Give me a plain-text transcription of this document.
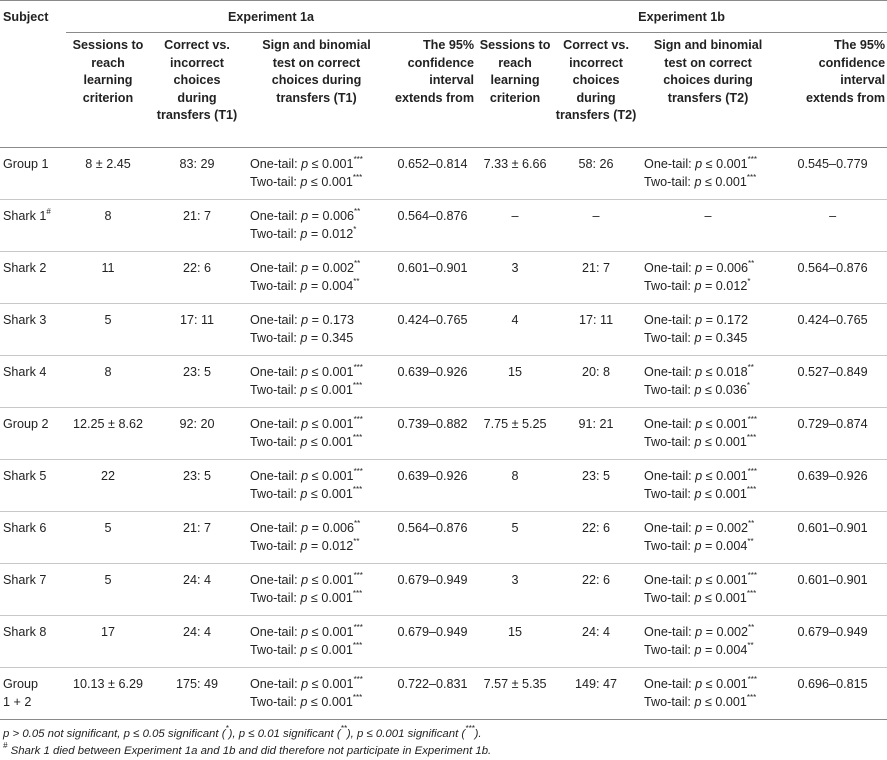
Subject	Experiment 1a				Experiment 1b			
	Sessions to
reach
learning
criterion	Correct vs.
incorrect
choices
during
transfers (T1)	Sign and binomial
test on correct
choices during
transfers (T1)	The 95%
confidence
interval
extends from	Sessions to
reach
learning
criterion	Correct vs.
incorrect
choices
during
transfers (T2)	Sign and binomial
test on correct
choices during
transfers (T2)	The 95%
confidence
interval
extends from
Group 1	8 ± 2.45	83: 29	One-tail: p ≤ 0.001***
Two-tail: p ≤ 0.001***	0.652–0.814	7.33 ± 6.66	58: 26	One-tail: p ≤ 0.001***
Two-tail: p ≤ 0.001***	0.545–0.779
Shark 1#	8	21: 7	One-tail: p = 0.006**
Two-tail: p = 0.012*	0.564–0.876	–	–	–	–
Shark 2	11	22: 6	One-tail: p = 0.002**
Two-tail: p = 0.004**	0.601–0.901	3	21: 7	One-tail: p = 0.006**
Two-tail: p = 0.012*	0.564–0.876
Shark 3	5	17: 11	One-tail: p = 0.173
Two-tail: p = 0.345	0.424–0.765	4	17: 11	One-tail: p = 0.172
Two-tail: p = 0.345	0.424–0.765
Shark 4	8	23: 5	One-tail: p ≤ 0.001***
Two-tail: p ≤ 0.001***	0.639–0.926	15	20: 8	One-tail: p ≤ 0.018**
Two-tail: p ≤ 0.036*	0.527–0.849
Group 2	12.25 ± 8.62	92: 20	One-tail: p ≤ 0.001***
Two-tail: p ≤ 0.001***	0.739–0.882	7.75 ± 5.25	91: 21	One-tail: p ≤ 0.001***
Two-tail: p ≤ 0.001***	0.729–0.874
Shark 5	22	23: 5	One-tail: p ≤ 0.001***
Two-tail: p ≤ 0.001***	0.639–0.926	8	23: 5	One-tail: p ≤ 0.001***
Two-tail: p ≤ 0.001***	0.639–0.926
Shark 6	5	21: 7	One-tail: p = 0.006**
Two-tail: p = 0.012**	0.564–0.876	5	22: 6	One-tail: p = 0.002**
Two-tail: p = 0.004**	0.601–0.901
Shark 7	5	24: 4	One-tail: p ≤ 0.001***
Two-tail: p ≤ 0.001***	0.679–0.949	3	22: 6	One-tail: p ≤ 0.001***
Two-tail: p ≤ 0.001***	0.601–0.901
Shark 8	17	24: 4	One-tail: p ≤ 0.001***
Two-tail: p ≤ 0.001***	0.679–0.949	15	24: 4	One-tail: p = 0.002**
Two-tail: p = 0.004**	0.679–0.949
Group
1 + 2	10.13 ± 6.29	175: 49	One-tail: p ≤ 0.001***
Two-tail: p ≤ 0.001***	0.722–0.831	7.57 ± 5.35	149: 47	One-tail: p ≤ 0.001***
Two-tail: p ≤ 0.001***	0.696–0.815
p > 0.05 not significant, p ≤ 0.05 significant (*), p ≤ 0.01 significant (**), p ≤ 0.001 significant (***).
# Shark 1 died between Experiment 1a and 1b and did therefore not participate in Experiment 1b.
